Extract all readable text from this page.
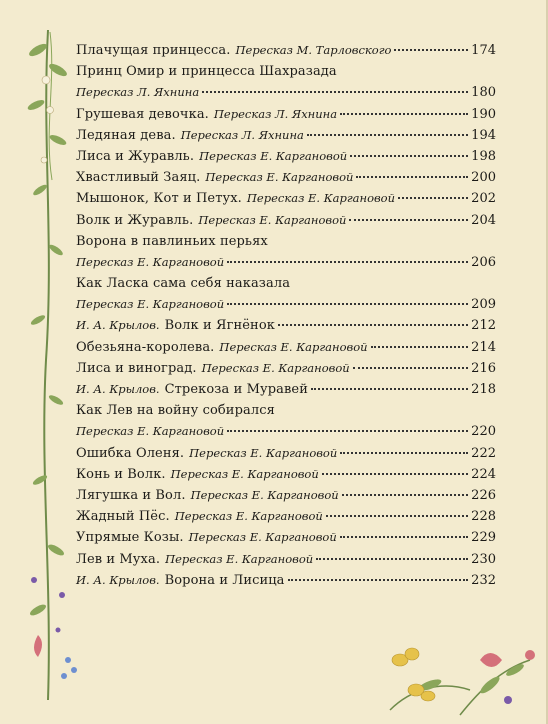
Плачущая принцесса. Пересказ М. Тарловского	174
Принц Омир и принцесса Шахразада
Пересказ Л. Яхнина	180
Грушевая девочка. Пересказ Л. Яхнина	190
Ледяная дева. Пересказ Л. Яхнина	194
Лиса и Журавль. Пересказ Е. Каргановой	198
Хвастливый Заяц. Пересказ Е. Каргановой	200
Мышонок, Кот и Петух. Пересказ Е. Каргановой	202
Волк и Журавль. Пересказ Е. Каргановой	204
Ворона в павлиньих перьях
Пересказ Е. Каргановой	206
Как Ласка сама себя наказала
Пересказ Е. Каргановой	209
И. А. Крылов. Волк и Ягнёнок	212
Обезьяна-королева. Пересказ Е. Каргановой	214
Лиса и виноград. Пересказ Е. Каргановой	216
И. А. Крылов. Стрекоза и Муравей	218
Как Лев на войну собирался
Пересказ Е. Каргановой	220
Ошибка Оленя. Пересказ Е. Каргановой	222
Конь и Волк. Пересказ Е. Каргановой	224
Лягушка и Вол. Пересказ Е. Каргановой	226
Жадный Пёс. Пересказ Е. Каргановой	228
Упрямые Козы. Пересказ Е. Каргановой	229
Лев и Муха. Пересказ Е. Каргановой	230
И. А. Крылов. Ворона и Лисица	232
